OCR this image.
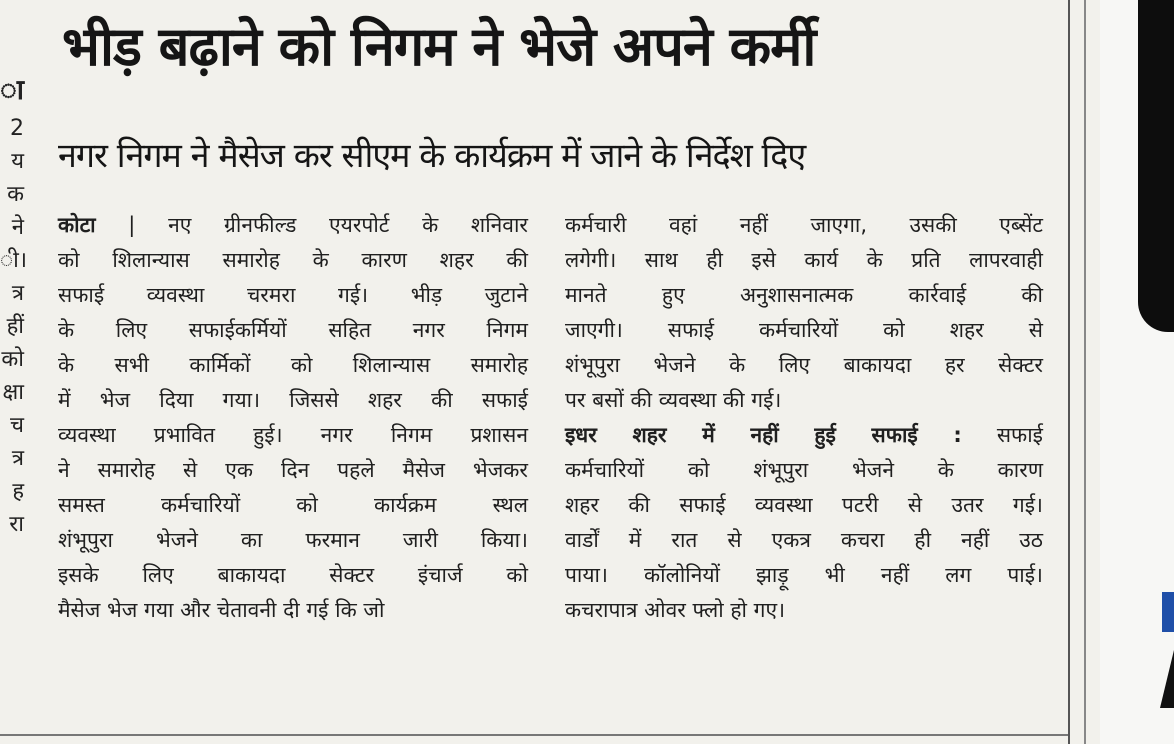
ा
2
य
क
ने
ी।
त्र
हीं
को
क्षा
च
त्र
ह
रा
भीड़ बढ़ाने को निगम ने भेजे अपने कर्मी
नगर निगम ने मैसेज कर सीएम के कार्यक्रम में जाने के निर्देश दिए
कोटा | नए ग्रीनफील्ड एयरपोर्ट के शनिवार
को शिलान्यास समारोह के कारण शहर की
सफाई व्यवस्था चरमरा गई। भीड़ जुटाने
के लिए सफाईकर्मियों सहित नगर निगम
के सभी कार्मिकों को शिलान्यास समारोह
में भेज दिया गया। जिससे शहर की सफाई
व्यवस्था प्रभावित हुई। नगर निगम प्रशासन
ने समारोह से एक दिन पहले मैसेज भेजकर
समस्त कर्मचारियों को कार्यक्रम स्थल
शंभूपुरा भेजने का फरमान जारी किया।
इसके लिए बाकायदा सेक्टर इंचार्ज को
मैसेज भेज गया और चेतावनी दी गई कि जो
कर्मचारी वहां नहीं जाएगा, उसकी एब्सेंट
लगेगी। साथ ही इसे कार्य के प्रति लापरवाही
मानते हुए अनुशासनात्मक कार्रवाई की
जाएगी। सफाई कर्मचारियों को शहर से
शंभूपुरा भेजने के लिए बाकायदा हर सेक्टर
पर बसों की व्यवस्था की गई।
इधर शहर में नहीं हुई सफाई : सफाई
कर्मचारियों को शंभूपुरा भेजने के कारण
शहर की सफाई व्यवस्था पटरी से उतर गई।
वार्डों में रात से एकत्र कचरा ही नहीं उठ
पाया। कॉलोनियों झाड़ू भी नहीं लग पाई।
कचरापात्र ओवर फ्लो हो गए।
